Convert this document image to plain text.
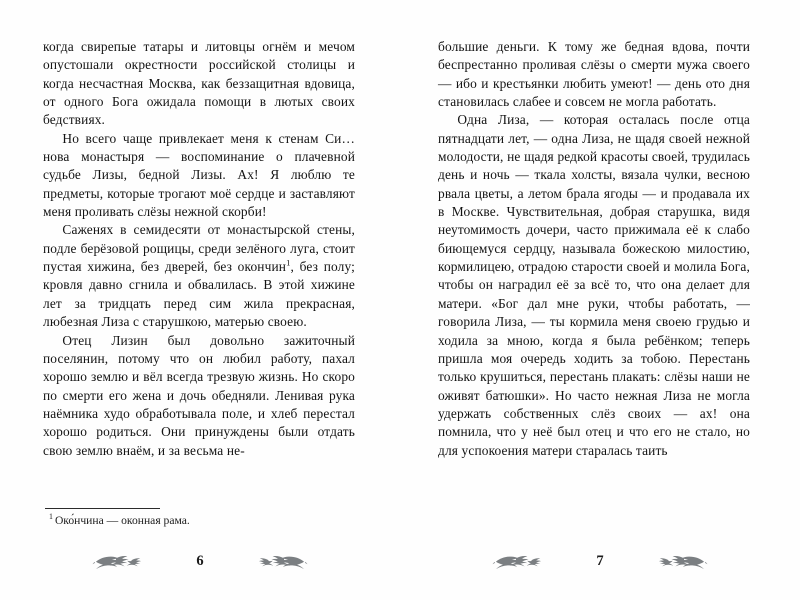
когда свирепые татары и литовцы огнём и мечом опустошали окрестности российской столицы и когда несчастная Москва, как беззащитная вдовица, от одного Бога ожидала помощи в лютых своих бедствиях.

Но всего чаще привлекает меня к стенам Си…нова монастыря — воспоминание о плачевной судьбе Лизы, бедной Лизы. Ах! Я люблю те предметы, которые трогают моё сердце и заставляют меня проливать слёзы нежной скорби!

Саженях в семидесяти от монастырской стены, подле берёзовой рощицы, среди зелёного луга, стоит пустая хижина, без дверей, без окончин$^1$, без полу; кровля давно сгнила и обвалилась. В этой хижине лет за тридцать перед сим жила прекрасная, любезная Лиза с старушкою, матерью своею.

Отец Лизин был довольно зажиточный поселянин, потому что он любил работу, пахал хорошо землю и вёл всегда трезвую жизнь. Но скоро по смерти его жена и дочь обедняли. Ленивая рука наёмника худо обработывала поле, и хлеб перестал хорошо родиться. Они принуждены были отдать свою землю внаём, и за весьма не-

$^1$ Око́нчина — оконная рама.
6

большие деньги. К тому же бедная вдова, почти беспрестанно проливая слёзы о смерти мужа своего — ибо и крестьянки любить умеют! — день ото дня становилась слабее и совсем не могла работать.

Одна Лиза, — которая осталась после отца пятнадцати лет, — одна Лиза, не щадя своей нежной молодости, не щадя редкой красоты своей, трудилась день и ночь — ткала холсты, вязала чулки, весною рвала цветы, а летом брала ягоды — и продавала их в Москве. Чувствительная, добрая старушка, видя неутомимость дочери, часто прижимала её к слабо биющемуся сердцу, называла божескою милостию, кормилицею, отрадою старости своей и молила Бога, чтобы он наградил её за всё то, что она делает для матери. «Бог дал мне руки, чтобы работать, — говорила Лиза, — ты кормила меня своею грудью и ходила за мною, когда я была ребёнком; теперь пришла моя очередь ходить за тобою. Перестань только крушиться, перестань плакать: слёзы наши не оживят батюшки». Но часто нежная Лиза не могла удержать собственных слёз своих — ах! она помнила, что у неё был отец и что его не стало, но для успокоения матери старалась таить

7
